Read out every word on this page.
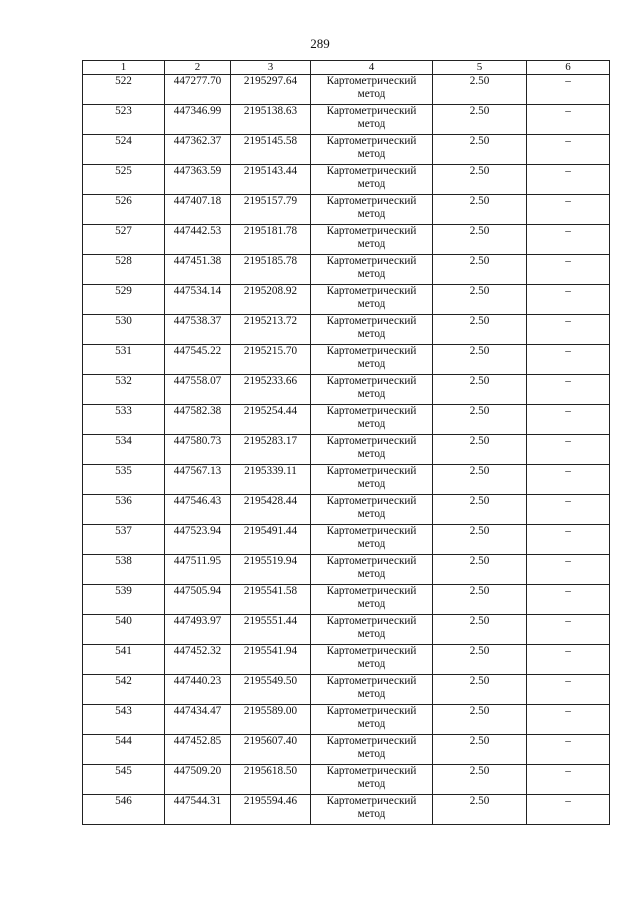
289
1	2	3	4	5	6
522	447277.70	2195297.64	Картометрический метод	2.50	–
523	447346.99	2195138.63	Картометрический метод	2.50	–
524	447362.37	2195145.58	Картометрический метод	2.50	–
525	447363.59	2195143.44	Картометрический метод	2.50	–
526	447407.18	2195157.79	Картометрический метод	2.50	–
527	447442.53	2195181.78	Картометрический метод	2.50	–
528	447451.38	2195185.78	Картометрический метод	2.50	–
529	447534.14	2195208.92	Картометрический метод	2.50	–
530	447538.37	2195213.72	Картометрический метод	2.50	–
531	447545.22	2195215.70	Картометрический метод	2.50	–
532	447558.07	2195233.66	Картометрический метод	2.50	–
533	447582.38	2195254.44	Картометрический метод	2.50	–
534	447580.73	2195283.17	Картометрический метод	2.50	–
535	447567.13	2195339.11	Картометрический метод	2.50	–
536	447546.43	2195428.44	Картометрический метод	2.50	–
537	447523.94	2195491.44	Картометрический метод	2.50	–
538	447511.95	2195519.94	Картометрический метод	2.50	–
539	447505.94	2195541.58	Картометрический метод	2.50	–
540	447493.97	2195551.44	Картометрический метод	2.50	–
541	447452.32	2195541.94	Картометрический метод	2.50	–
542	447440.23	2195549.50	Картометрический метод	2.50	–
543	447434.47	2195589.00	Картометрический метод	2.50	–
544	447452.85	2195607.40	Картометрический метод	2.50	–
545	447509.20	2195618.50	Картометрический метод	2.50	–
546	447544.31	2195594.46	Картометрический метод	2.50	–
